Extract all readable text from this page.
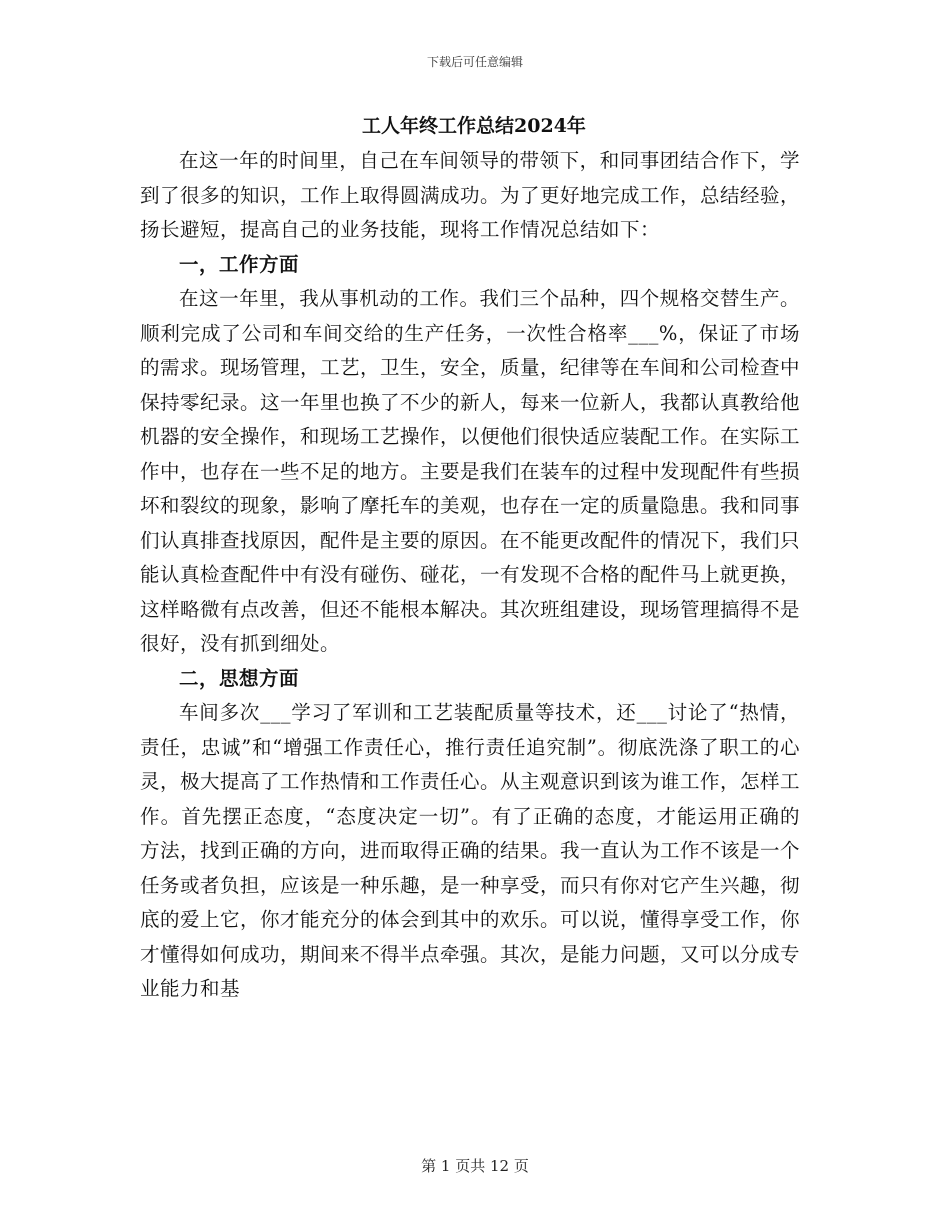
下载后可任意编辑
工人年终工作总结2024年

在这一年的时间里，自己在车间领导的带领下，和同事团结合作下，学到了很多的知识，工作上取得圆满成功。为了更好地完成工作，总结经验，扬长避短，提高自己的业务技能，现将工作情况总结如下：

一，工作方面

在这一年里，我从事机动的工作。我们三个品种，四个规格交替生产。顺利完成了公司和车间交给的生产任务，一次性合格率___%，保证了市场的需求。现场管理，工艺，卫生，安全，质量，纪律等在车间和公司检查中保持零纪录。这一年里也换了不少的新人，每来一位新人，我都认真教给他机器的安全操作，和现场工艺操作，以便他们很快适应装配工作。在实际工作中，也存在一些不足的地方。主要是我们在装车的过程中发现配件有些损坏和裂纹的现象，影响了摩托车的美观，也存在一定的质量隐患。我和同事们认真排查找原因，配件是主要的原因。在不能更改配件的情况下，我们只能认真检查配件中有没有碰伤、碰花，一有发现不合格的配件马上就更换，这样略微有点改善，但还不能根本解决。其次班组建设，现场管理搞得不是很好，没有抓到细处。

二，思想方面

车间多次___学习了军训和工艺装配质量等技术，还___讨论了“热情，责任，忠诚”和“增强工作责任心，推行责任追究制”。彻底洗涤了职工的心灵，极大提高了工作热情和工作责任心。从主观意识到该为谁工作，怎样工作。首先摆正态度，“态度决定一切”。有了正确的态度，才能运用正确的方法，找到正确的方向，进而取得正确的结果。我一直认为工作不该是一个任务或者负担，应该是一种乐趣，是一种享受，而只有你对它产生兴趣，彻底的爱上它，你才能充分的体会到其中的欢乐。可以说，懂得享受工作，你才懂得如何成功，期间来不得半点牵强。其次，是能力问题，又可以分成专业能力和基

第 1 页共 12 页
